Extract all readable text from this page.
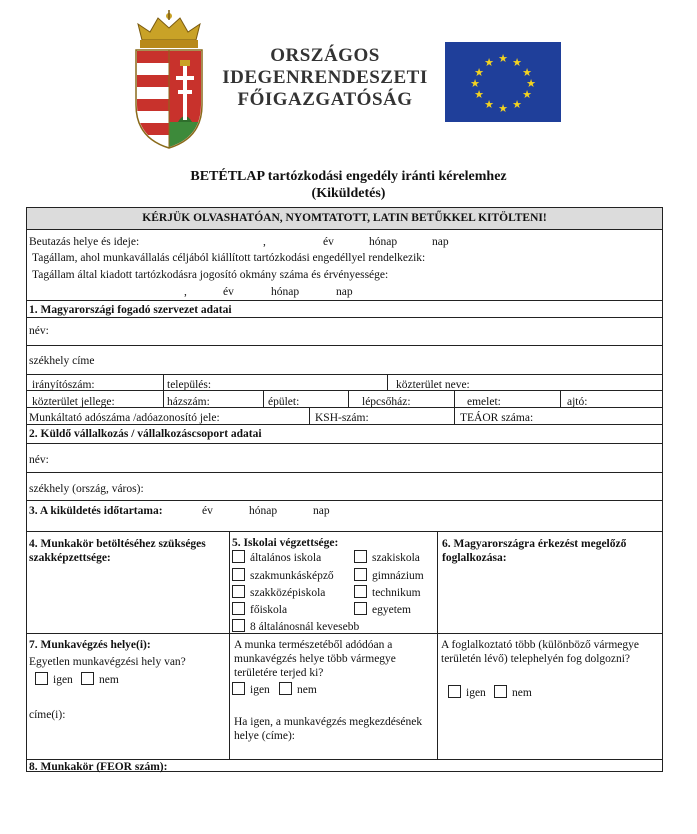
ORSZÁGOS
IDEGENRENDESZETI
FŐIGAZGATÓSÁG
★ ★
★
★
★
★
★
★
★
★
★
★
BETÉTLAP tartózkodási engedély iránti kérelemhez
(Kiküldetés)
KÉRJÜK OLVASHATÓAN, NYOMTATOTT, LATIN BETŰKKEL KITÖLTENI!
Beutazás helye és ideje:	,	év	hónap	nap
Tagállam, ahol munkavállalás céljából kiállított tartózkodási engedéllyel rendelkezik:
Tagállam által kiadott tartózkodásra jogosító okmány száma és érvényessége:
,	év	hónap	nap
1. Magyarországi fogadó szervezet adatai
név:
székhely címe
irányítószám:	település:	közterület neve:
közterület jellege:	házszám:	épület:	lépcsőház:	emelet:	ajtó:
Munkáltató adószáma /adóazonosító jele:	KSH-szám:	TEÁOR száma:
2. Küldő vállalkozás / vállalkozáscsoport adatai
név:
székhely (ország, város):
3. A kiküldetés időtartama:	év	hónap	nap
4. Munkakör betöltéséhez szükséges szakképzettsége:
5. Iskolai végzettsége:
általános iskola	szakiskola
szakmunkásképző	gimnázium
szakközépiskola	technikum
főiskola	egyetem
8 általánosnál kevesebb
6. Magyarországra érkezést megelőző foglalkozása:
7. Munkavégzés helye(i):
Egyetlen munkavégzési hely van?
igen	nem
címe(i):
A munka természetéből adódóan a munkavégzés helye több vármegye területére terjed ki?
igen	nem
Ha igen, a munkavégzés megkezdésének helye (címe):
A foglalkoztató több (különböző vármegye területén lévő) telephelyén fog dolgozni?
igen	nem
8. Munkakör (FEOR szám):
